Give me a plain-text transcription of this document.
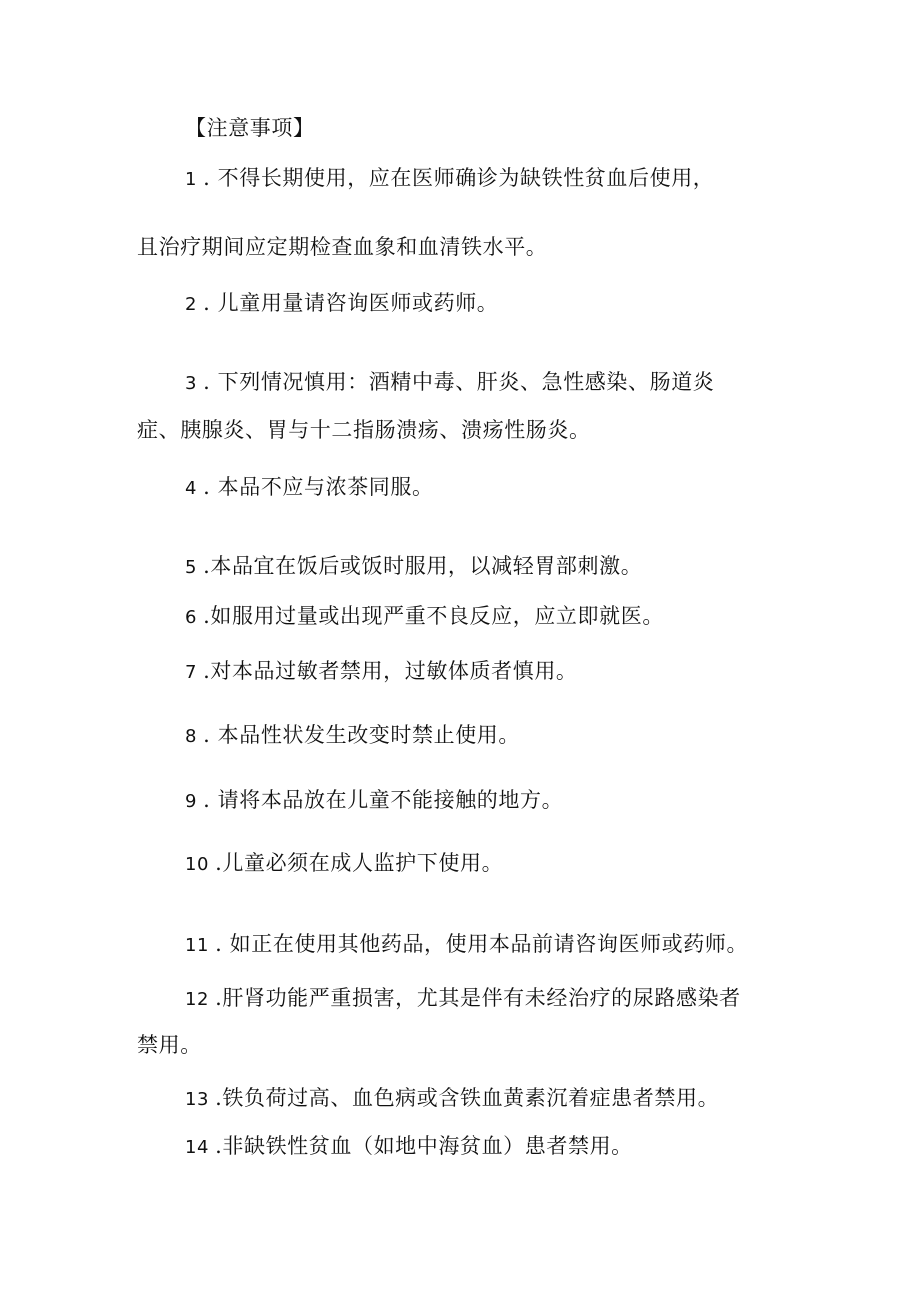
【注意事项】
1 . 不得长期使用，应在医师确诊为缺铁性贫血后使用，
且治疗期间应定期检查血象和血清铁水平。
2 . 儿童用量请咨询医师或药师。
3 . 下列情况慎用：酒精中毒、肝炎、急性感染、肠道炎
症、胰腺炎、胃与十二指肠溃疡、溃疡性肠炎。
4 . 本品不应与浓茶同服。
5 .本品宜在饭后或饭时服用，以减轻胃部刺激。
6 .如服用过量或出现严重不良反应，应立即就医。
7 .对本品过敏者禁用，过敏体质者慎用。
8 . 本品性状发生改变时禁止使用。
9 . 请将本品放在儿童不能接触的地方。
10 .儿童必须在成人监护下使用。
11 . 如正在使用其他药品，使用本品前请咨询医师或药师。
12 .肝肾功能严重损害，尤其是伴有未经治疗的尿路感染者
禁用。
13 .铁负荷过高、血色病或含铁血黄素沉着症患者禁用。
14 .非缺铁性贫血（如地中海贫血）患者禁用。
